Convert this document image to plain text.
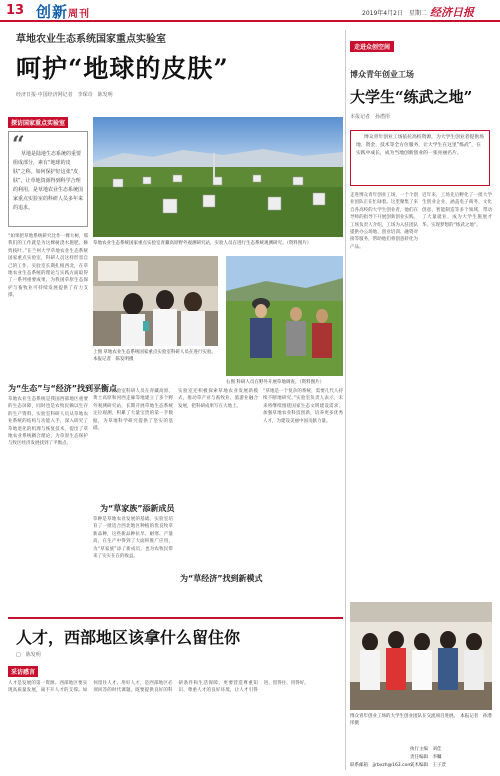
13 创新周刊	2019年4月2日　星期二 经济日报
草地农业生态系统国家重点实验室
呵护“地球的皮肤”
经济日报·中国经济网记者　李琛奇　陈发明
探访国家重点实验室
“

草地是陆地生态系统的重要组成部分，素有“地球的皮肤”之称。如何保护好这张“皮肤”，让草地资源得到科学合理的利用，是草地农业生态系统国家重点实验室的科研人员多年来的追求。

草地农业生态系统国家重点实验室青藏高原野外观测研究站，实验人员在进行生态系统观测研究。（资料图片）
上图 草地农业生态系统国家重点实验室科研人员在进行实验。　本报记者　陈发明摄
右图 科研人员在野外开展草地调查。（资料图片）
“如果把草地系统研究比作一棵大树，那我们的工作就是为这棵树浇水施肥、修剪枝叶。”在兰州大学草地农业生态系统国家重点实验室，科研人员这样形容自己的工作。实验室长期扎根西北，在草地农业生态系统的理论与实践方面取得了一系列重要成果，为我国草原生态保护与畜牧业可持续发展提供了有力支撑。
为“生态”与“经济”找到平衡点
草地农业生态系统是我国西部地区重要的生态屏障，同时也是农牧民赖以生存的生产资料。实验室科研人员从草地农业系统的结构与功能入手，深入研究了草地退化的机理与恢复技术，提出了草地农业系统耦合理论，为草原生态保护与牧区经济发展找到了平衡点。
多年来，实验室科研人员在青藏高原、黄土高原和河西走廊等地建立了多个野外观测研究站，长期开展草地生态系统定位观测，积累了大量宝贵的第一手数据，为草地科学研究提供了坚实的基础。
为“草家族”添新成员
草种是草地农业发展的基础。实验室培育了一批适合西北地区种植的优良牧草新品种，这些新品种抗旱、耐寒、产量高，在生产中得到了大面积推广应用，为“草家族”添了新成员，也为农牧民带来了实实在在的收益。
实验室还积极探索草地农业发展新模式，推动草产业与畜牧业、旅游业融合发展，把科研成果写在大地上。
为“草经济”找到新模式
“草地是一个复杂的系统，需要几代人持续不断地研究。”实验室负责人表示，未来将继续围绕国家生态文明建设需求，加强草地农业科技创新，培养更多优秀人才，为建设美丽中国贡献力量。
人才，西部地区该拿什么留住你
□　陈发明
采访感言
人才是发展的第一资源。西部地区要实现高质量发展，离不开人才的支撑。如何留住人才、用好人才，是西部地区必须回答的时代课题。既要提供良好的科研条件和生活保障，更要营造尊重知识、尊重人才的良好环境，让人才引得进、留得住、用得好。
走进众创空间
博众青年创业工场
大学生“练武之地”
本报记者　孙潜彤
博众青年创业工场依托高校资源，为大学生创业者提供场地、资金、技术等全方位服务，让大学生在这里“练武”，在实践中成长，成为当地创新创业的一张亮丽名片。
走进博众青年创业工场，一个个创业团队正在忙碌着。这里聚集了来自各高校的大学生创业者，他们在导师的指导下开展创新创业实践。工场负责人介绍，工场为入驻团队提供办公场地、创业培训、融资对接等服务，帮助他们将创意转化为产品。
近年来，工场先后孵化了一批大学生创业企业，涵盖电子商务、文化创意、智能制造等多个领域，带动了大量就业，成为大学生施展才华、实现梦想的“练武之地”。
博众青年创业工场的大学生创业团队在交流项目进展。　本报记者　孙潜彤摄
执行主编　刘佳
责任编辑　李瞩
美术编辑　王子萱
联系邮箱　jjrbxzh@163.com
